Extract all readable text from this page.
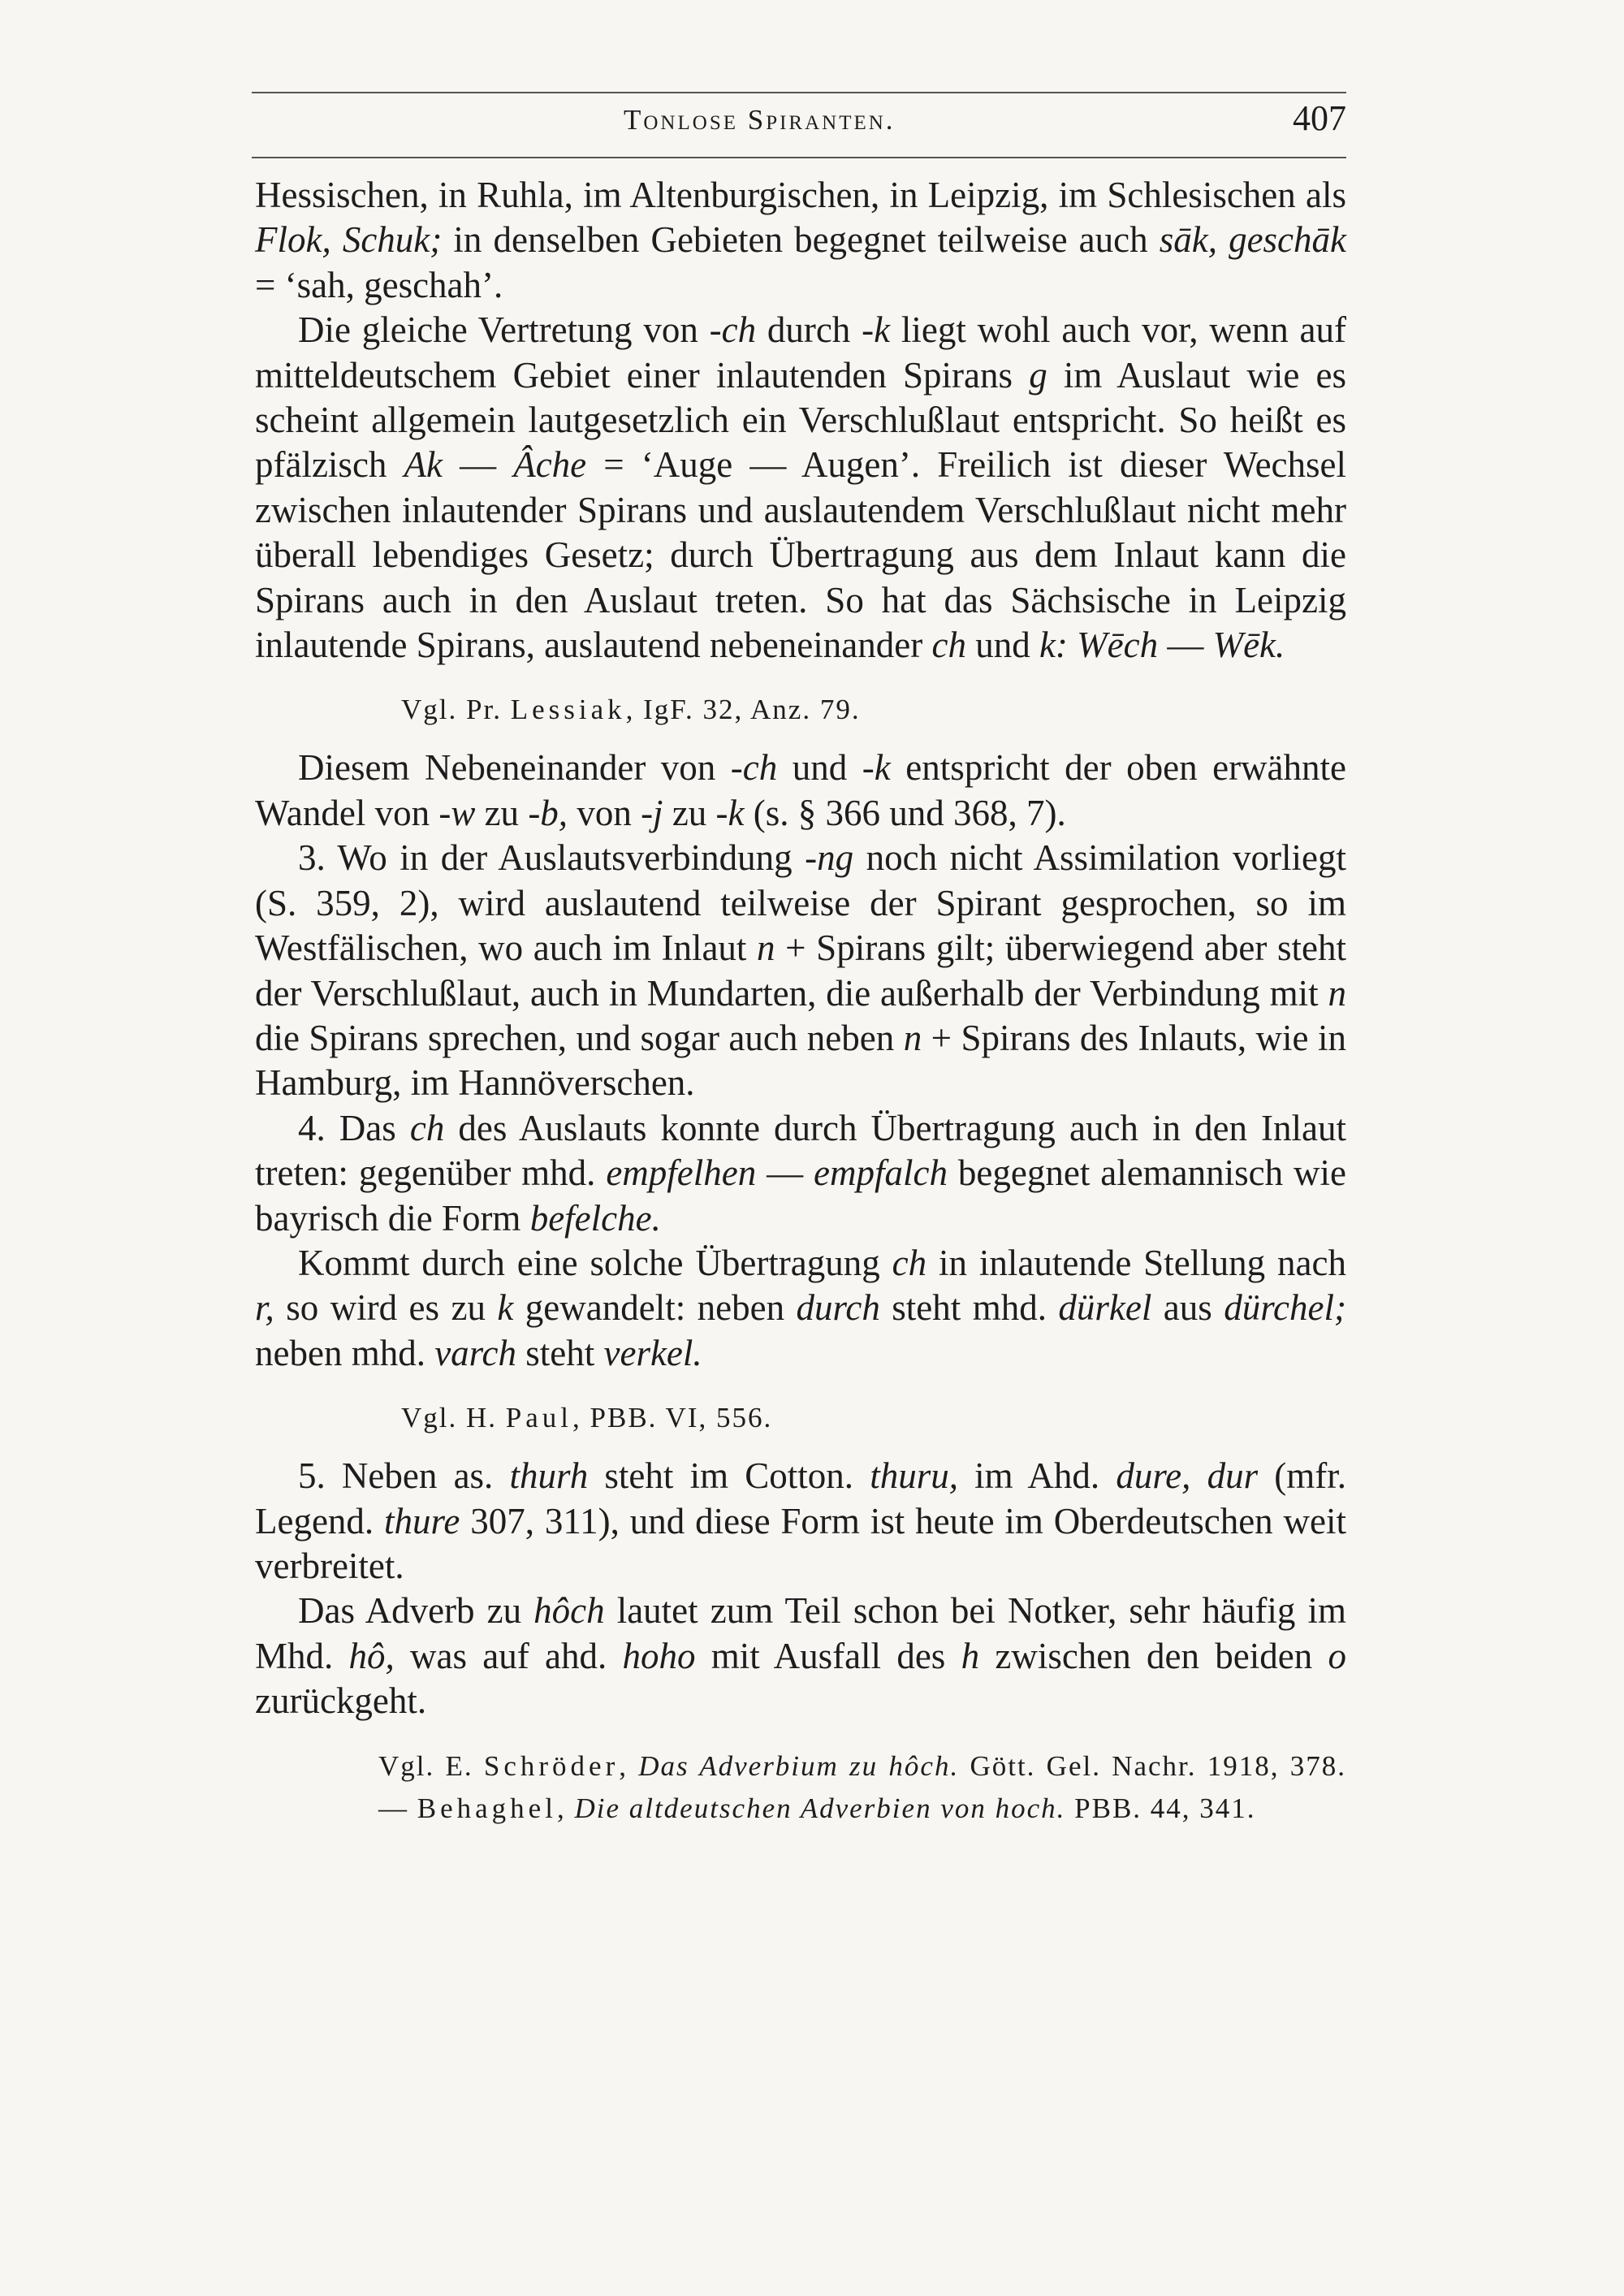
Tonlose Spiranten.	407

Hessischen, in Ruhla, im Altenburgischen, in Leipzig, im Schlesischen als Flok, Schuk; in denselben Gebieten begegnet teilweise auch sāk, geschāk = ‘sah, geschah’.

Die gleiche Vertretung von -ch durch -k liegt wohl auch vor, wenn auf mitteldeutschem Gebiet einer inlautenden Spirans g im Auslaut wie es scheint allgemein lautgesetzlich ein Verschlußlaut entspricht. So heißt es pfälzisch Ak — Âche = ‘Auge — Augen’. Freilich ist dieser Wechsel zwischen inlautender Spirans und auslautendem Verschlußlaut nicht mehr überall lebendiges Gesetz; durch Übertragung aus dem Inlaut kann die Spirans auch in den Auslaut treten. So hat das Sächsische in Leipzig inlautende Spirans, auslautend nebeneinander ch und k: Wēch — Wēk.

Vgl. Pr. Lessiak, IgF. 32, Anz. 79.

Diesem Nebeneinander von -ch und -k entspricht der oben erwähnte Wandel von -w zu -b, von -j zu -k (s. § 366 und 368, 7).

3. Wo in der Auslautsverbindung -ng noch nicht Assimilation vorliegt (S. 359, 2), wird auslautend teilweise der Spirant gesprochen, so im Westfälischen, wo auch im Inlaut n + Spirans gilt; überwiegend aber steht der Verschlußlaut, auch in Mundarten, die außerhalb der Verbindung mit n die Spirans sprechen, und sogar auch neben n + Spirans des Inlauts, wie in Hamburg, im Hannöverschen.

4. Das ch des Auslauts konnte durch Übertragung auch in den Inlaut treten: gegenüber mhd. empfelhen — empfalch begegnet alemannisch wie bayrisch die Form befelche.

Kommt durch eine solche Übertragung ch in inlautende Stellung nach r, so wird es zu k gewandelt: neben durch steht mhd. dürkel aus dürchel; neben mhd. varch steht verkel.

Vgl. H. Paul, PBB. VI, 556.

5. Neben as. thurh steht im Cotton. thuru, im Ahd. dure, dur (mfr. Legend. thure 307, 311), und diese Form ist heute im Oberdeutschen weit verbreitet.

Das Adverb zu hôch lautet zum Teil schon bei Notker, sehr häufig im Mhd. hô, was auf ahd. hoho mit Ausfall des h zwischen den beiden o zurückgeht.

Vgl. E. Schröder, Das Adverbium zu hôch. Gött. Gel. Nachr. 1918, 378. — Behaghel, Die altdeutschen Adverbien von hoch. PBB. 44, 341.
